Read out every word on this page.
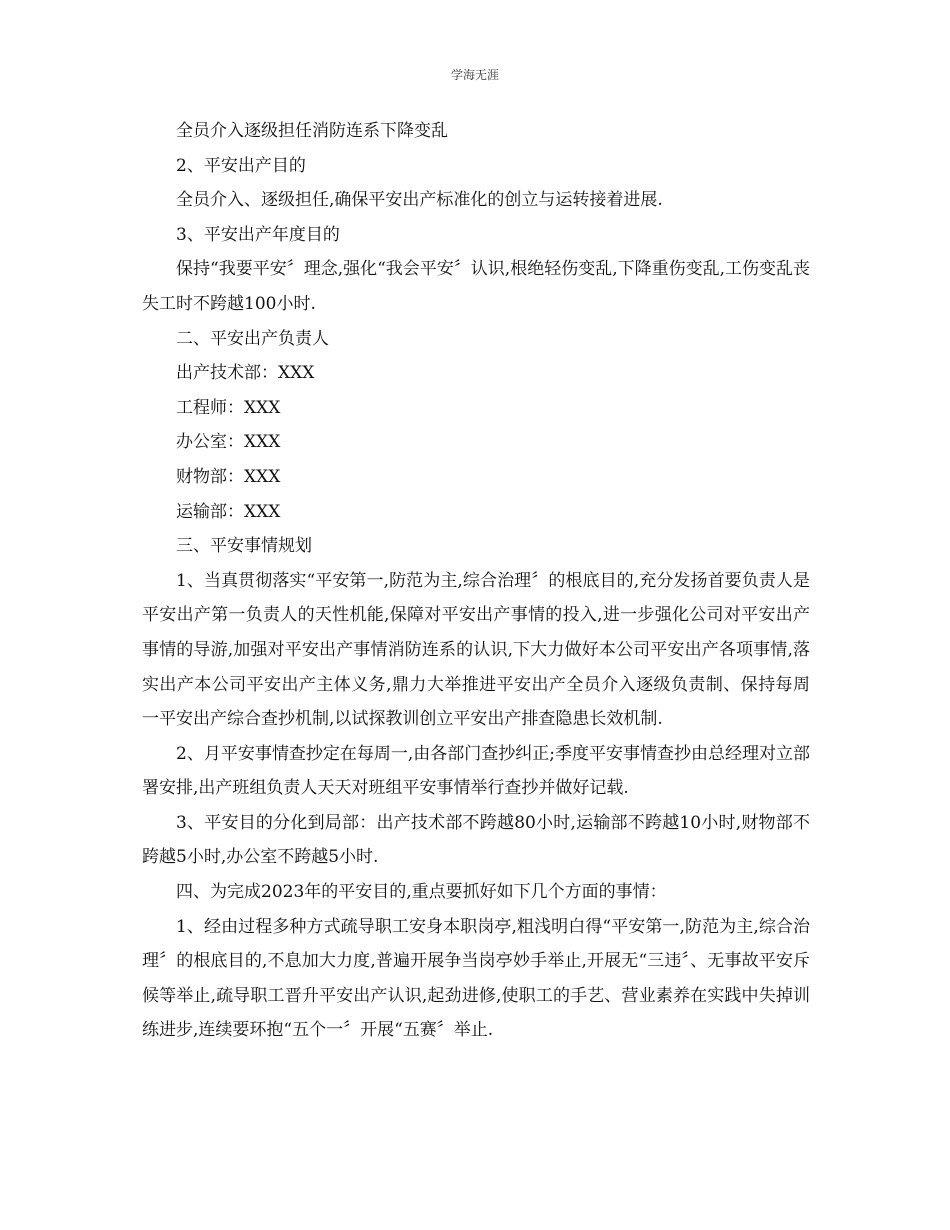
学海无涯

全员介入逐级担任消防连系下降变乱

2、平安出产目的

全员介入、逐级担任,确保平安出产标准化的创立与运转接着进展.

3、平安出产年度目的

保持“我要平安〞理念,强化“我会平安〞认识,根绝轻伤变乱,下降重伤变乱,工伤变乱丧失工时不跨越100小时.

二、平安出产负责人

出产技术部：XXX

工程师：XXX

办公室：XXX

财物部：XXX

运输部：XXX

三、平安事情规划

1、当真贯彻落实“平安第一,防范为主,综合治理〞的根底目的,充分发扬首要负责人是平安出产第一负责人的天性机能,保障对平安出产事情的投入,进一步强化公司对平安出产事情的导游,加强对平安出产事情消防连系的认识,下大力做好本公司平安出产各项事情,落实出产本公司平安出产主体义务,鼎力大举推进平安出产全员介入逐级负责制、保持每周一平安出产综合查抄机制,以试探教训创立平安出产排查隐患长效机制.

2、月平安事情查抄定在每周一,由各部门查抄纠正;季度平安事情查抄由总经理对立部署安排,出产班组负责人天天对班组平安事情举行查抄并做好记载.

3、平安目的分化到局部：出产技术部不跨越80小时,运输部不跨越10小时,财物部不跨越5小时,办公室不跨越5小时.

四、为完成2023年的平安目的,重点要抓好如下几个方面的事情：

1、经由过程多种方式疏导职工安身本职岗亭,粗浅明白得“平安第一,防范为主,综合治理〞的根底目的,不息加大力度,普遍开展争当岗亭妙手举止,开展无“三违〞、无事故平安斥候等举止,疏导职工晋升平安出产认识,起劲进修,使职工的手艺、营业素养在实践中失掉训练进步,连续要环抱“五个一〞开展“五赛〞举止.
